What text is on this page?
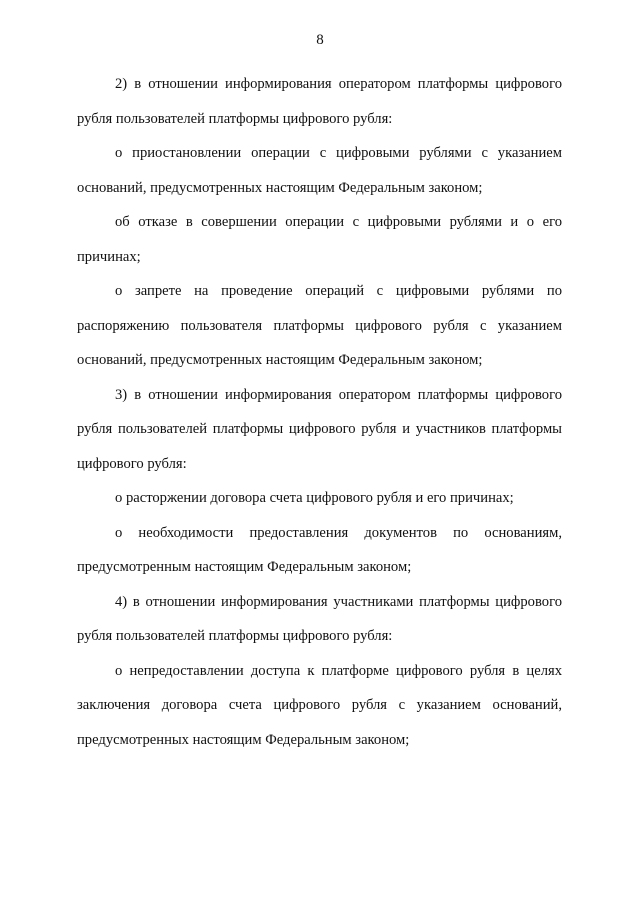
8

2) в отношении информирования оператором платформы цифрового рубля пользователей платформы цифрового рубля:

о приостановлении операции с цифровыми рублями с указанием оснований, предусмотренных настоящим Федеральным законом;

об отказе в совершении операции с цифровыми рублями и о его причинах;

о запрете на проведение операций с цифровыми рублями по распоряжению пользователя платформы цифрового рубля с указанием оснований, предусмотренных настоящим Федеральным законом;

3) в отношении информирования оператором платформы цифрового рубля пользователей платформы цифрового рубля и участников платформы цифрового рубля:

о расторжении договора счета цифрового рубля и его причинах;

о необходимости предоставления документов по основаниям, предусмотренным настоящим Федеральным законом;

4) в отношении информирования участниками платформы цифрового рубля пользователей платформы цифрового рубля:

о непредоставлении доступа к платформе цифрового рубля в целях заключения договора счета цифрового рубля с указанием оснований, предусмотренных настоящим Федеральным законом;
